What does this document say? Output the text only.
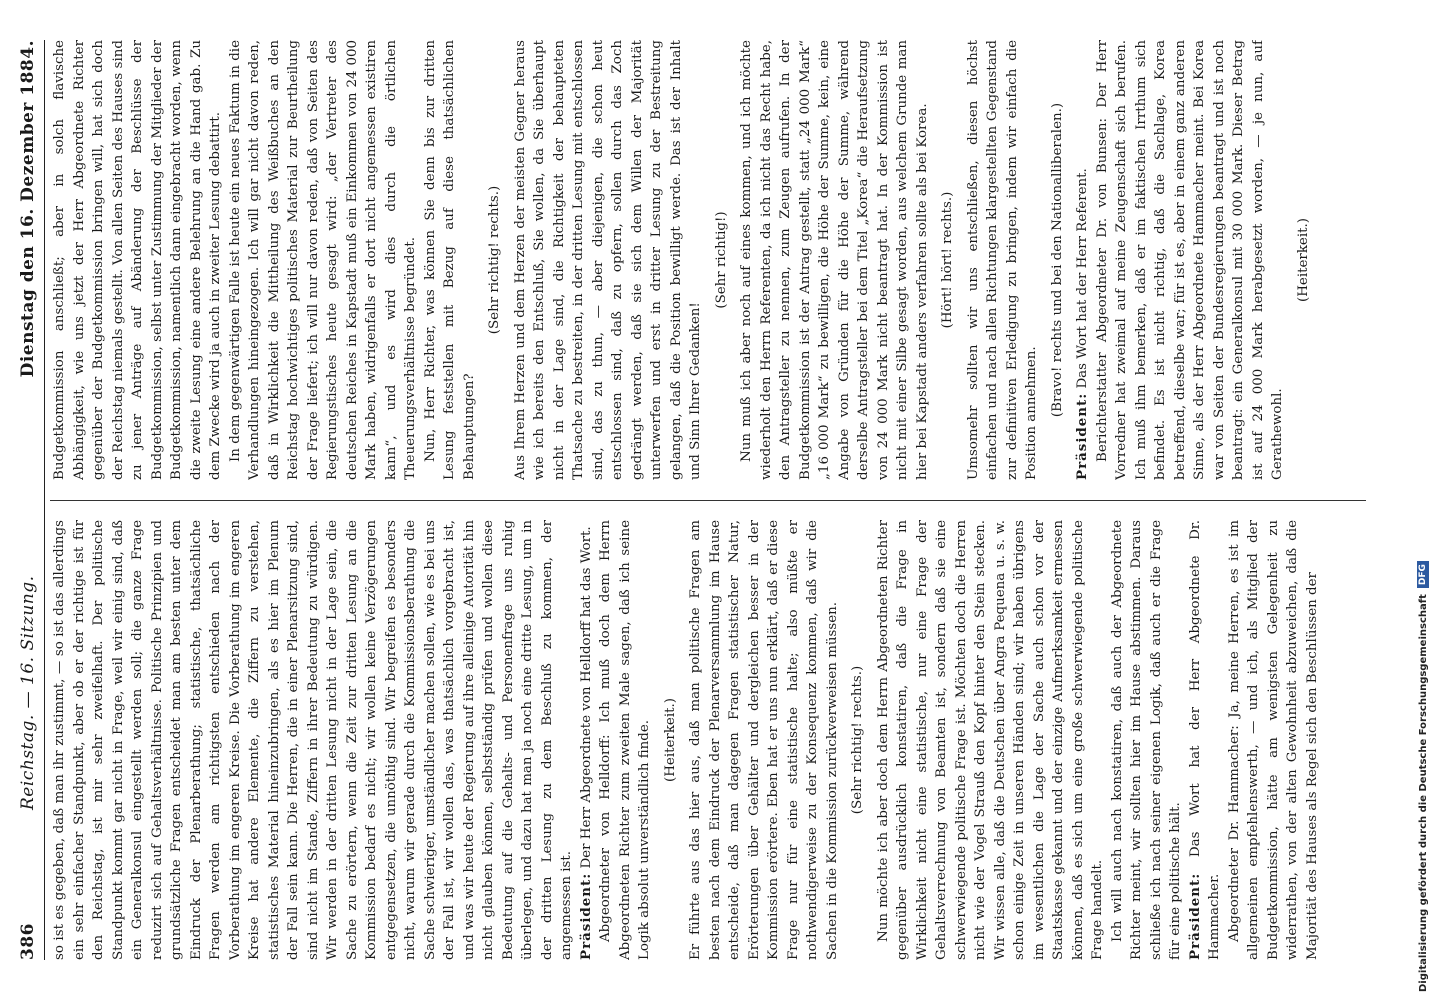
386
Reichstag. — 16. Sitzung.
Dienstag den 16. Dezember 1884.

so ist es gegeben, daß man ihr zustimmt, — so ist das allerdings ein sehr einfacher Standpunkt, aber ob er der richtige ist für den Reichstag, ist mir sehr zweifelhaft. Der politische Standpunkt kommt gar nicht in Frage, weil wir einig sind, daß ein Generalkonsul eingestellt werden soll; die ganze Frage reduzirt sich auf Gehaltsverhältnisse. Politische Prinzipien und grundsätzliche Fragen entscheidet man am besten unter dem Eindruck der Plenarberathung; statistische, thatsächliche Fragen werden am richtigsten entschieden nach der Vorberathung im engeren Kreise. Die Vorberathung im engeren Kreise hat andere Elemente, die Ziffern zu verstehen, statistisches Material hineinzubringen, als es hier im Plenum der Fall sein kann. Die Herren, die in einer Plenarsitzung sind, sind nicht im Stande, Ziffern in ihrer Bedeutung zu würdigen. Wir werden in der dritten Lesung nicht in der Lage sein, die Sache zu erörtern, wenn die Zeit zur dritten Lesung an die Kommission bedarf es nicht; wir wollen keine Verzögerungen entgegensetzen, die unnöthig sind. Wir begreifen es besonders nicht, warum wir gerade durch die Kommissionsberathung die Sache schwieriger, umständlicher machen sollen, wie es bei uns der Fall ist, wir wollen das, was thatsächlich vorgebracht ist, und was wir heute der Regierung auf ihre alleinige Autorität hin nicht glauben können, selbstständig prüfen und wollen diese Bedeutung auf die Gehalts- und Personenfrage uns ruhig überlegen, und dazu hat man ja noch eine dritte Lesung, um in der dritten Lesung zu dem Beschluß zu kommen, der angemessen ist. Präsident: Der Herr Abgeordnete von Helldorff hat das Wort. Abgeordneter von Helldorff: Ich muß doch dem Herrn Abgeordneten Richter zum zweiten Male sagen, daß ich seine Logik absolut unverständlich finde. (Heiterkeit.) Er führte aus das hier aus, daß man politische Fragen am besten nach dem Eindruck der Plenarversammlung im Hause entscheide, daß man dagegen Fragen statistischer Natur, Erörterungen über Gehälter und dergleichen besser in der Kommission erörtere. Eben hat er uns nun erklärt, daß er diese Frage nur für eine statistische halte; also müßte er nothwendigerweise zu der Konsequenz kommen, daß wir die Sachen in die Kommission zurückverweisen müssen. (Sehr richtig! rechts.) Nun möchte ich aber doch dem Herrn Abgeordneten Richter gegenüber ausdrücklich konstatiren, daß die Frage in Wirklichkeit nicht eine statistische, nur eine Frage der Gehaltsverrechnung von Beamten ist, sondern daß sie eine schwerwiegende politische Frage ist. Möchten doch die Herren nicht wie der Vogel Strauß den Kopf hinter den Stein stecken. Wir wissen alle, daß die Deutschen über Angra Pequena u. s. w. schon einige Zeit in unseren Händen sind; wir haben übrigens im wesentlichen die Lage der Sache auch schon vor der Staatskasse gekannt und der einzige Aufmerksamkeit ermessen können, daß es sich um eine große schwerwiegende politische Frage handelt. Ich will auch nach konstatiren, daß auch der Abgeordnete Richter meint, wir sollten hier im Hause abstimmen. Daraus schließe ich nach seiner eigenen Logik, daß auch er die Frage für eine politische hält. Präsident: Das Wort hat der Herr Abgeordnete Dr. Hammacher. Abgeordneter Dr. Hammacher: Ja, meine Herren, es ist im allgemeinen empfehlenswerth, — und ich, als Mitglied der Budgetkommission, hätte am wenigsten Gelegenheit zu widerrathen, von der alten Gewohnheit abzuweichen, daß die Majorität des Hauses als Regel sich den Beschlüssen der

Budgetkommission anschließt; aber in solch flavische Abhängigkeit, wie uns jetzt der Herr Abgeordnete Richter gegenüber der Budgetkommission bringen will, hat sich doch der Reichstag niemals gestellt. Von allen Seiten des Hauses sind zu jener Anträge auf Abänderung der Beschlüsse der Budgetkommission, selbst unter Zustimmung der Mitglieder der Budgetkommission, namentlich dann eingebracht worden, wenn die zweite Lesung eine andere Belehrung an die Hand gab. Zu dem Zwecke wird ja auch in zweiter Lesung debattirt. In dem gegenwärtigen Falle ist heute ein neues Faktum in die Verhandlungen hineingezogen. Ich will gar nicht davon reden, daß in Wirklichkeit die Mittheilung des Weißbuches an den Reichstag hochwichtiges politisches Material zur Beurtheilung der Frage liefert; ich will nur davon reden, daß von Seiten des Regierungstisches heute gesagt wird: „der Vertreter des deutschen Reiches in Kapstadt muß ein Einkommen von 24 000 Mark haben, widrigenfalls er dort nicht angemessen existiren kann“, und es wird dies durch die örtlichen Theuerungsverhältnisse begründet. Nun, Herr Richter, was können Sie denn bis zur dritten Lesung feststellen mit Bezug auf diese thatsächlichen Behauptungen?

(Sehr richtig! rechts.) Aus Ihrem Herzen und dem Herzen der meisten Gegner heraus wie ich bereits den Entschluß, Sie wollen, da Sie überhaupt nicht in der Lage sind, die Richtigkeit der behaupteten Thatsache zu bestreiten, in der dritten Lesung mit entschlossen sind, das zu thun, — aber diejenigen, die schon heut entschlossen sind, daß zu opfern, sollen durch das Zoch gedrängt werden, daß sie sich dem Willen der Majorität unterwerfen und erst in dritter Lesung zu der Bestreitung gelangen, daß die Position bewilligt werde. Das ist der Inhalt und Sinn Ihrer Gedanken!

(Sehr richtig!) Nun muß ich aber noch auf eines kommen, und ich möchte wiederholt den Herrn Referenten, da ich nicht das Recht habe, den Antragsteller zu nennen, zum Zeugen aufrufen. In der Budgetkommission ist der Antrag gestellt, statt „24 000 Mark“ „16 000 Mark“ zu bewilligen, die Höhe der Summe, kein, eine Angabe von Gründen für die Höhe der Summe, während derselbe Antragsteller bei dem Titel „Korea“ die Heraufsetzung von 24 000 Mark nicht beantragt hat. In der Kommission ist nicht mit einer Silbe gesagt worden, aus welchem Grunde man hier bei Kapstadt anders verfahren sollte als bei Korea. (Hört! hört! rechts.) Umsomehr sollten wir uns entschließen, diesen höchst einfachen und nach allen Richtungen klargestellten Gegenstand zur definitiven Erledigung zu bringen, indem wir einfach die Position annehmen. (Bravo! rechts und bei den Nationalliberalen.)

Präsident: Das Wort hat der Herr Referent. Berichterstatter Abgeordneter Dr. von Bunsen: Der Herr Vorredner hat zweimal auf meine Zeugenschaft sich berufen. Ich muß ihm bemerken, daß er im faktischen Irrthum sich befindet. Es ist nicht richtig, daß die Sachlage, Korea betreffend, dieselbe war; für ist es, aber in einem ganz anderen Sinne, als der Herr Abgeordnete Hammacher meint. Bei Korea war von Seiten der Bundesregierungen beantragt und ist noch beantragt: ein Generalkonsul mit 30 000 Mark. Dieser Betrag ist auf 24 000 Mark herabgesetzt worden, — je nun, auf Gerathewohl.

(Heiterkeit.)

Digitalisierung gefördert durch die Deutsche Forschungsgemeinschaft
DFG
